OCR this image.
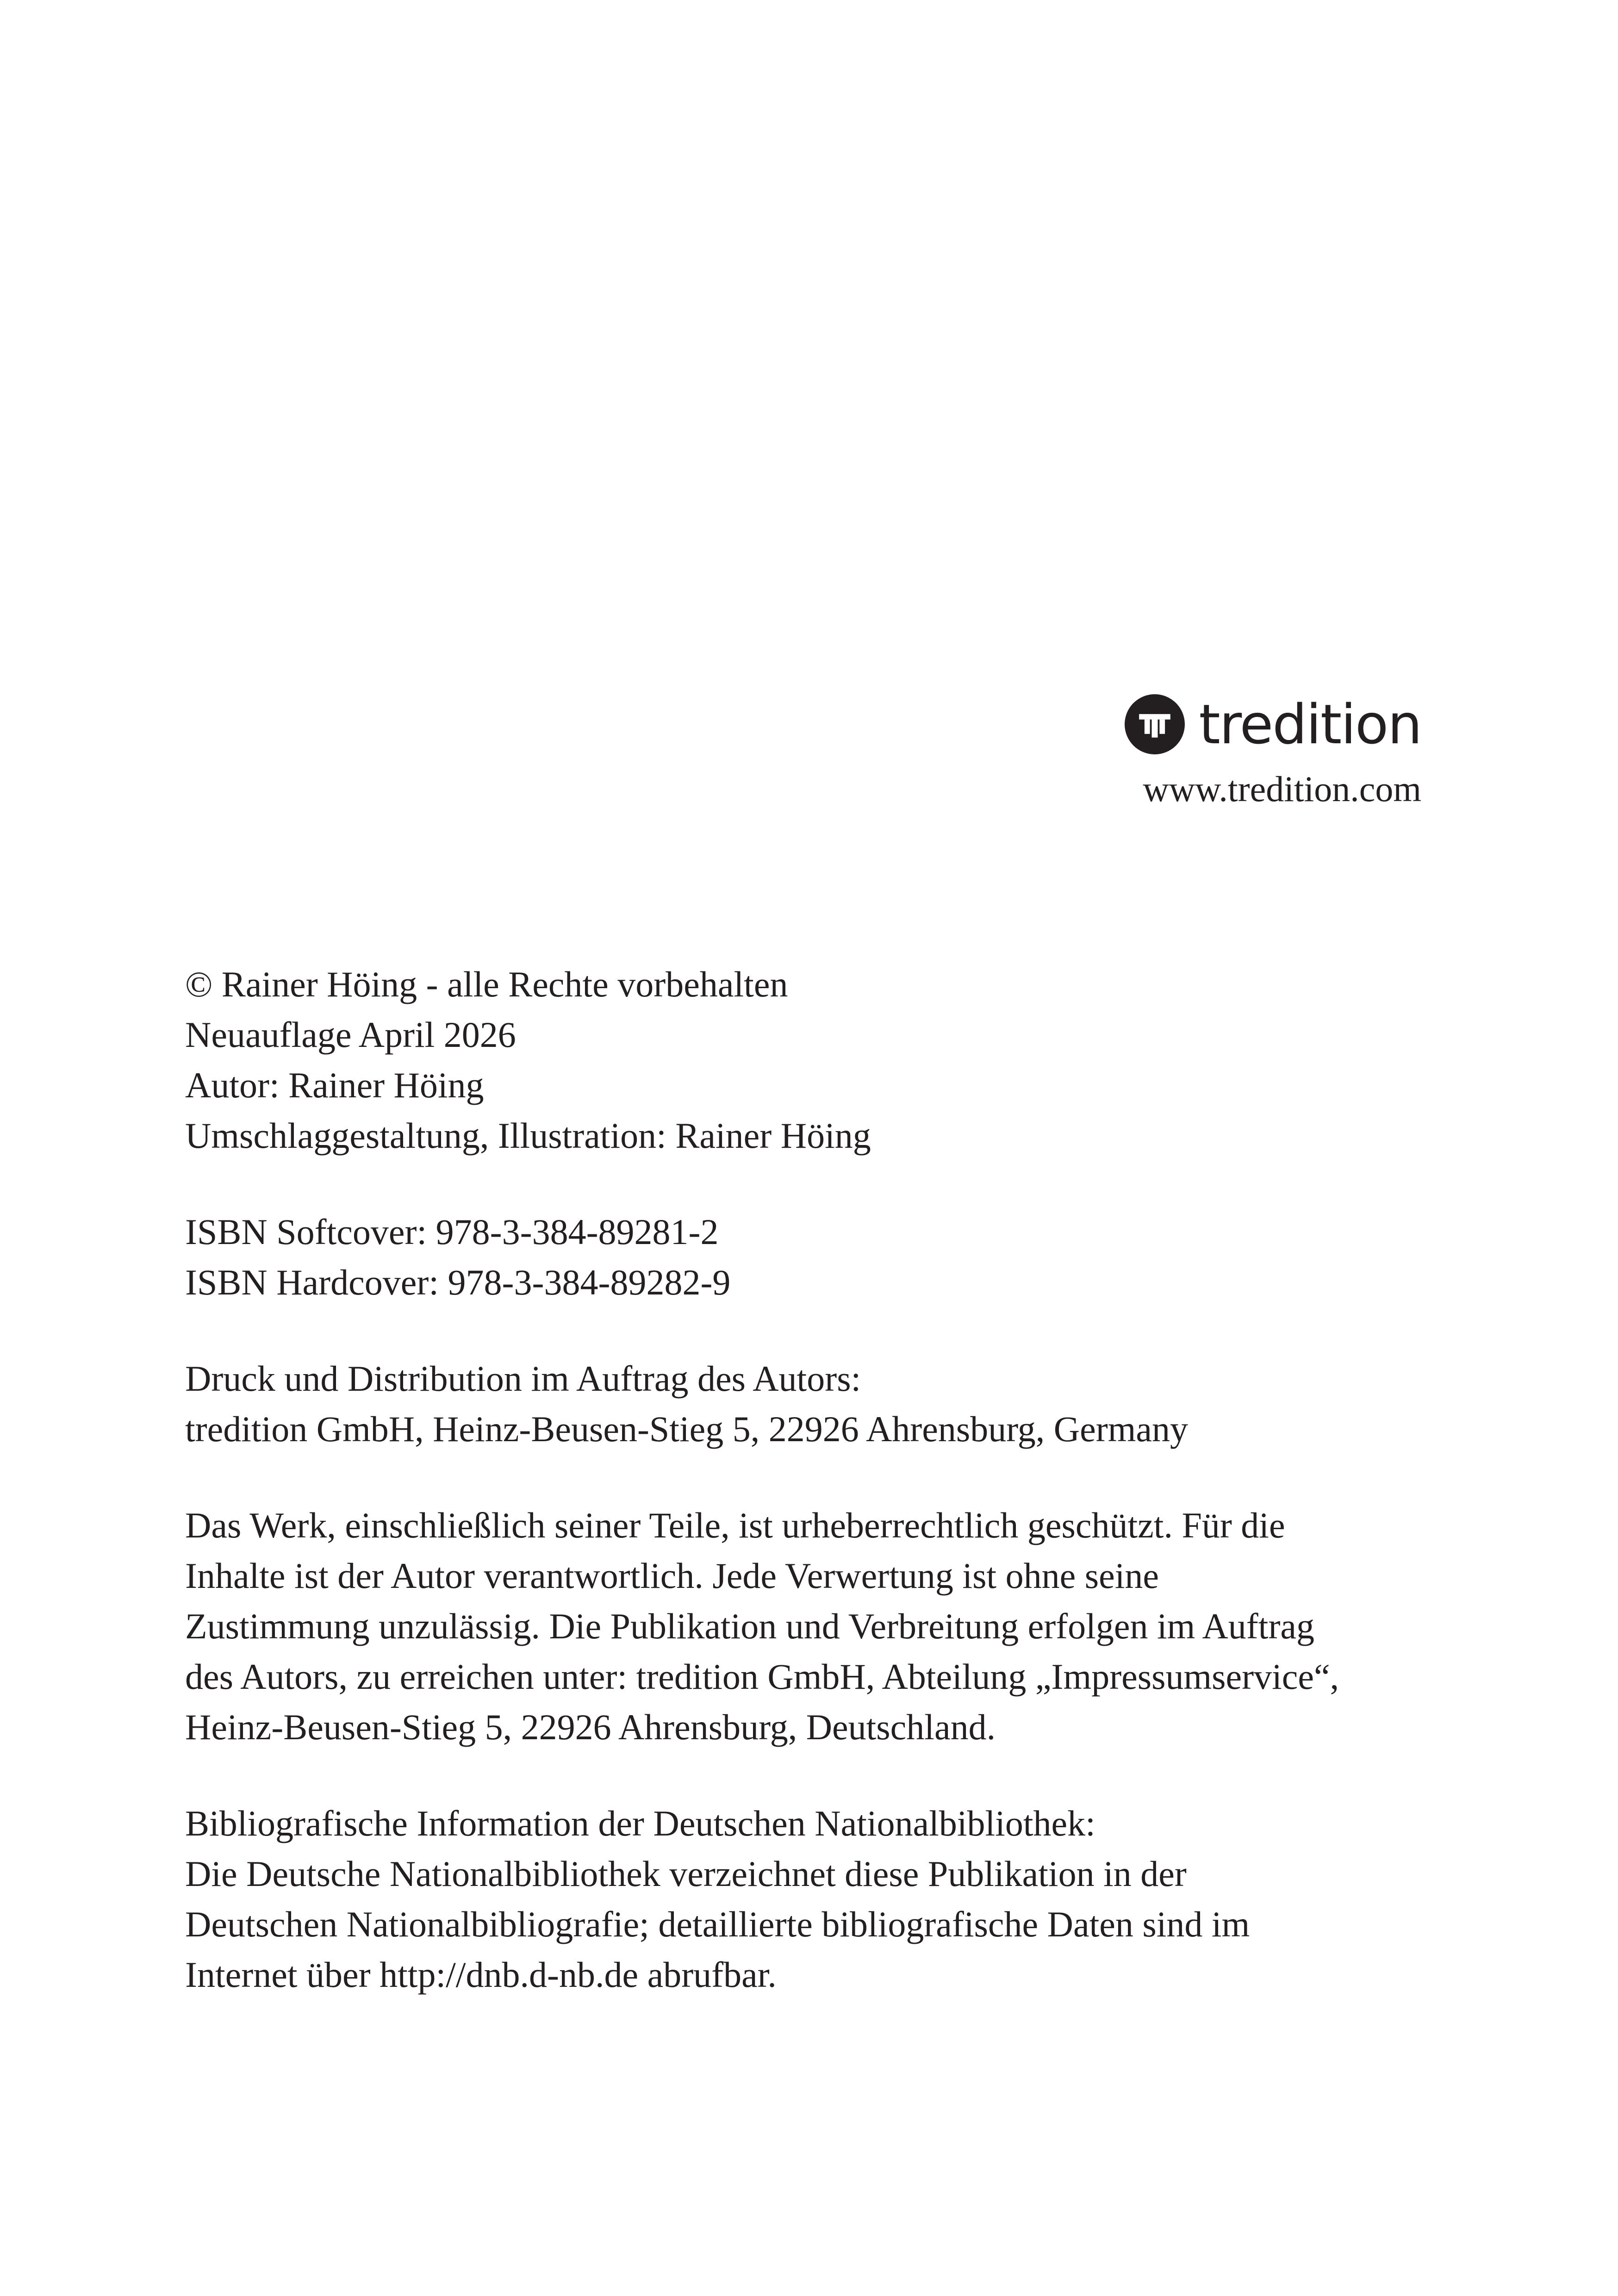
tredition
www.tredition.com
© Rainer Höing - alle Rechte vorbehalten
Neuauflage April 2026
Autor: Rainer Höing
Umschlaggestaltung, Illustration: Rainer Höing
ISBN Softcover: 978-3-384-89281-2
ISBN Hardcover: 978-3-384-89282-9
Druck und Distribution im Auftrag des Autors:
tredition GmbH, Heinz-Beusen-Stieg 5, 22926 Ahrensburg, Germany
Das Werk, einschließlich seiner Teile, ist urheberrechtlich geschützt. Für die
Inhalte ist der Autor verantwortlich. Jede Verwertung ist ohne seine
Zustimmung unzulässig. Die Publikation und Verbreitung erfolgen im Auftrag
des Autors, zu erreichen unter: tredition GmbH, Abteilung „Impressumservice“,
Heinz-Beusen-Stieg 5, 22926 Ahrensburg, Deutschland.
Bibliografische Information der Deutschen Nationalbibliothek:
Die Deutsche Nationalbibliothek verzeichnet diese Publikation in der
Deutschen Nationalbibliografie; detaillierte bibliografische Daten sind im
Internet über http://dnb.d-nb.de abrufbar.
